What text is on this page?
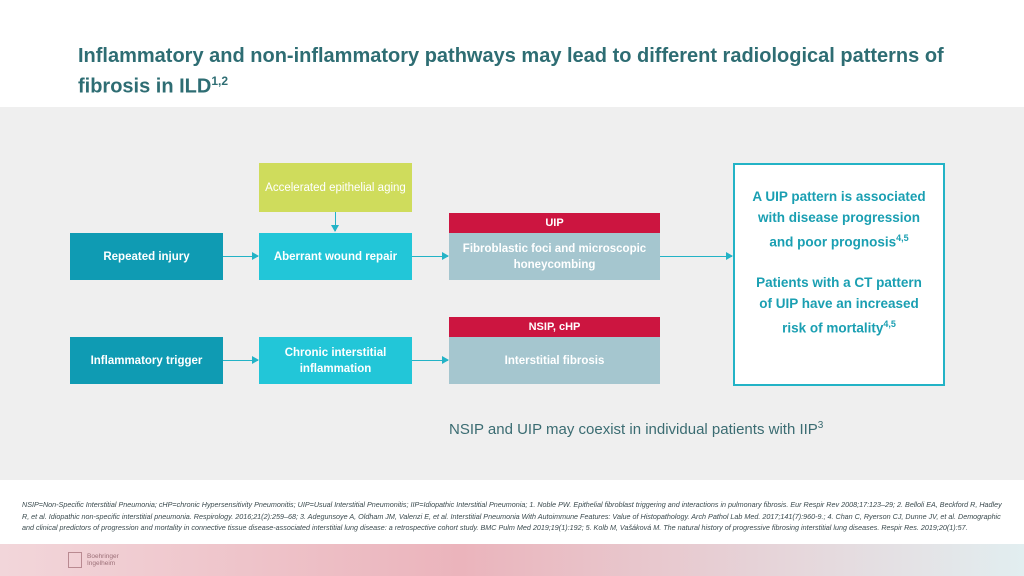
Inflammatory and non-inflammatory pathways may lead to different radiological patterns of fibrosis in ILD$^{1,2}$
Accelerated epithelial aging
Repeated injury	Aberrant wound repair
UIP
Fibroblastic foci and microscopic honeycombing
Inflammatory trigger
Chronic interstitial inflammation
NSIP, cHP
Interstitial fibrosis

A UIP pattern is associated with disease progression and poor prognosis$^{4,5}$

Patients with a CT pattern of UIP have an increased risk of mortality$^{4,5}$

NSIP and UIP may coexist in individual patients with IIP$^3$
NSIP=Non-Specific Interstitial Pneumonia; cHP=chronic Hypersensitivity Pneumonitis; UIP=Usual Interstitial Pneumonitis; IIP=Idiopathic Interstitial Pneumonia; 1. Noble PW. Epithelial fibroblast triggering and interactions in pulmonary fibrosis. Eur Respir Rev 2008;17:123–29; 2. Belloli EA, Beckford R, Hadley R, et al. Idiopathic non-specific interstitial pneumonia. Respirology. 2016;21(2):259–68; 3. Adegunsoye A, Oldham JM, Valenzi E, et al. Interstitial Pneumonia With Autoimmune Features: Value of Histopathology. Arch Pathol Lab Med. 2017;141(7):960-9.; 4. Chan C, Ryerson CJ, Dunne JV, et al. Demographic and clinical predictors of progression and mortality in connective tissue disease-associated interstitial lung disease: a retrospective cohort study. BMC Pulm Med 2019;19(1):192; 5. Kolb M, Vašáková M. The natural history of progressive fibrosing interstitial lung diseases. Respir Res. 2019;20(1):57.
Boehringer
Ingelheim
